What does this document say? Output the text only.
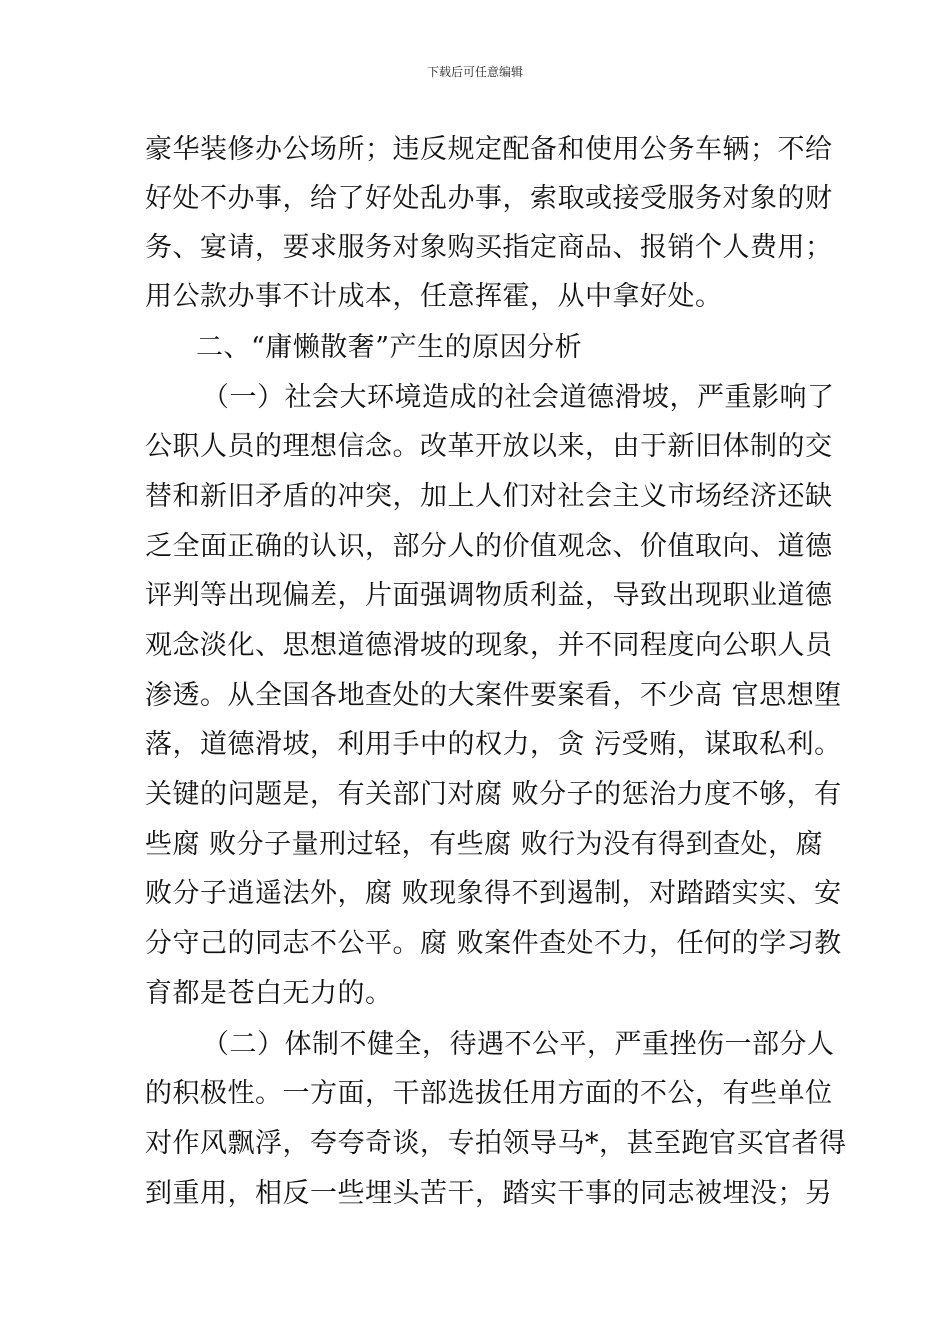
下载后可任意编辑
豪华装修办公场所；违反规定配备和使用公务车辆；不给
好处不办事，给了好处乱办事，索取或接受服务对象的财
务、宴请，要求服务对象购买指定商品、报销个人费用；
用公款办事不计成本，任意挥霍，从中拿好处。
二、“庸懒散奢”产生的原因分析
（一）社会大环境造成的社会道德滑坡，严重影响了
公职人员的理想信念。改革开放以来，由于新旧体制的交
替和新旧矛盾的冲突，加上人们对社会主义市场经济还缺
乏全面正确的认识，部分人的价值观念、价值取向、道德
评判等出现偏差，片面强调物质利益，导致出现职业道德
观念淡化、思想道德滑坡的现象，并不同程度向公职人员
渗透。从全国各地查处的大案件要案看，不少高 官思想堕
落，道德滑坡，利用手中的权力，贪 污受贿，谋取私利。
关键的问题是，有关部门对腐 败分子的惩治力度不够，有
些腐 败分子量刑过轻，有些腐 败行为没有得到查处，腐
败分子逍遥法外，腐 败现象得不到遏制，对踏踏实实、安
分守己的同志不公平。腐 败案件查处不力，任何的学习教
育都是苍白无力的。
（二）体制不健全，待遇不公平，严重挫伤一部分人
的积极性。一方面，干部选拔任用方面的不公，有些单位
对作风飘浮，夸夸奇谈，专拍领导马*，甚至跑官买官者得
到重用，相反一些埋头苦干，踏实干事的同志被埋没；另
